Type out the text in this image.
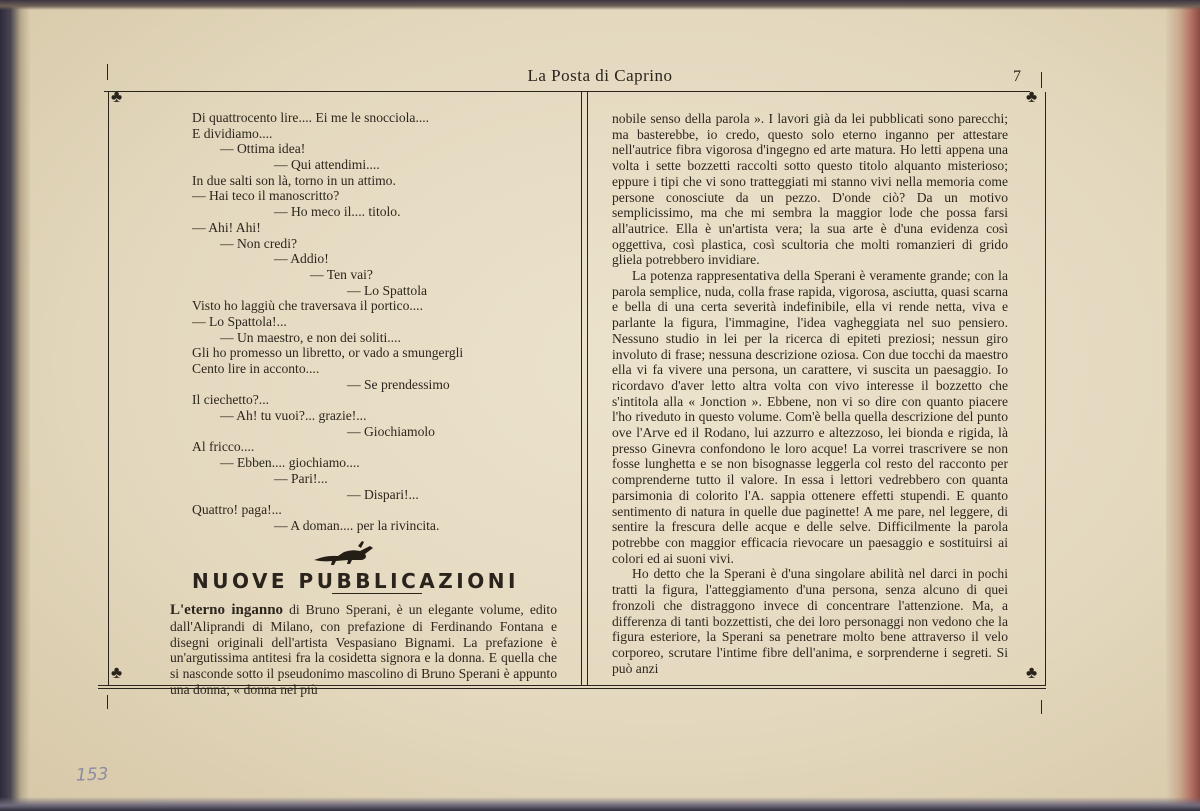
La Posta di Caprino	7
♣
♣
♣
♣

Di quattrocento lire.... Ei me le snocciola....

E dividiamo....

— Ottima idea!

— Qui attendimi....

In due salti son là, torno in un attimo.

— Hai teco il manoscritto?

— Ho meco il.... titolo.

— Ahi! Ahi!

— Non credi?

— Addio!

— Ten vai?

— Lo Spattola

Visto ho laggiù che traversava il portico....

— Lo Spattola!...

— Un maestro, e non dei soliti....

Gli ho promesso un libretto, or vado a smungergli

Cento lire in acconto....

— Se prendessimo

Il ciechetto?...

— Ah! tu vuoi?... grazie!...

— Giochiamolo

Al fricco....

— Ebben.... giochiamo....

— Pari!...

— Dispari!...

Quattro! paga!...

— A doman.... per la rivincita.

NUOVE PUBBLICAZIONI

L'eterno inganno di Bruno Sperani, è un elegante volume, edito dall'Aliprandi di Milano, con prefazione di Ferdinando Fontana e disegni originali dell'artista Vespasiano Bignami. La prefazione è un'argutissima antitesi fra la cosidetta signora e la donna. E quella che si nasconde sotto il pseudonimo mascolino di Bruno Sperani è appunto una donna; « donna nel più

nobile senso della parola ». I lavori già da lei pubblicati sono parecchi; ma basterebbe, io credo, questo solo eterno inganno per attestare nell'autrice fibra vigorosa d'ingegno ed arte matura. Ho letti appena una volta i sette bozzetti raccolti sotto questo titolo alquanto misterioso; eppure i tipi che vi sono tratteggiati mi stanno vivi nella memoria come persone conosciute da un pezzo. D'onde ciò? Da un motivo semplicissimo, ma che mi sembra la maggior lode che possa farsi all'autrice. Ella è un'artista vera; la sua arte è d'una evidenza così oggettiva, così plastica, così scultoria che molti romanzieri di grido gliela potrebbero invidiare.

La potenza rappresentativa della Sperani è veramente grande; con la parola semplice, nuda, colla frase rapida, vigorosa, asciutta, quasi scarna e bella di una certa severità indefinibile, ella vi rende netta, viva e parlante la figura, l'immagine, l'idea vagheggiata nel suo pensiero. Nessuno studio in lei per la ricerca di epiteti preziosi; nessun giro involuto di frase; nessuna descrizione oziosa. Con due tocchi da maestro ella vi fa vivere una persona, un carattere, vi suscita un paesaggio. Io ricordavo d'aver letto altra volta con vivo interesse il bozzetto che s'intitola alla « Jonction ». Ebbene, non vi so dire con quanto piacere l'ho riveduto in questo volume. Com'è bella quella descrizione del punto ove l'Arve ed il Rodano, lui azzurro e altezzoso, lei bionda e rigida, là presso Ginevra confondono le loro acque! La vorrei trascrivere se non fosse lunghetta e se non bisognasse leggerla col resto del racconto per comprenderne tutto il valore. In essa i lettori vedrebbero con quanta parsimonia di colorito l'A. sappia ottenere effetti stupendi. E quanto sentimento di natura in quelle due paginette! A me pare, nel leggere, di sentire la frescura delle acque e delle selve. Difficilmente la parola potrebbe con maggior efficacia rievocare un paesaggio e sostituirsi ai colori ed ai suoni vivi.

Ho detto che la Sperani è d'una singolare abilità nel darci in pochi tratti la figura, l'atteggiamento d'una persona, senza alcuno di quei fronzoli che distraggono invece di concentrare l'attenzione. Ma, a differenza di tanti bozzettisti, che dei loro personaggi non vedono che la figura esteriore, la Sperani sa penetrare molto bene attraverso il velo corporeo, scrutare l'intime fibre dell'anima, e sorprenderne i segreti. Si può anzi

153
